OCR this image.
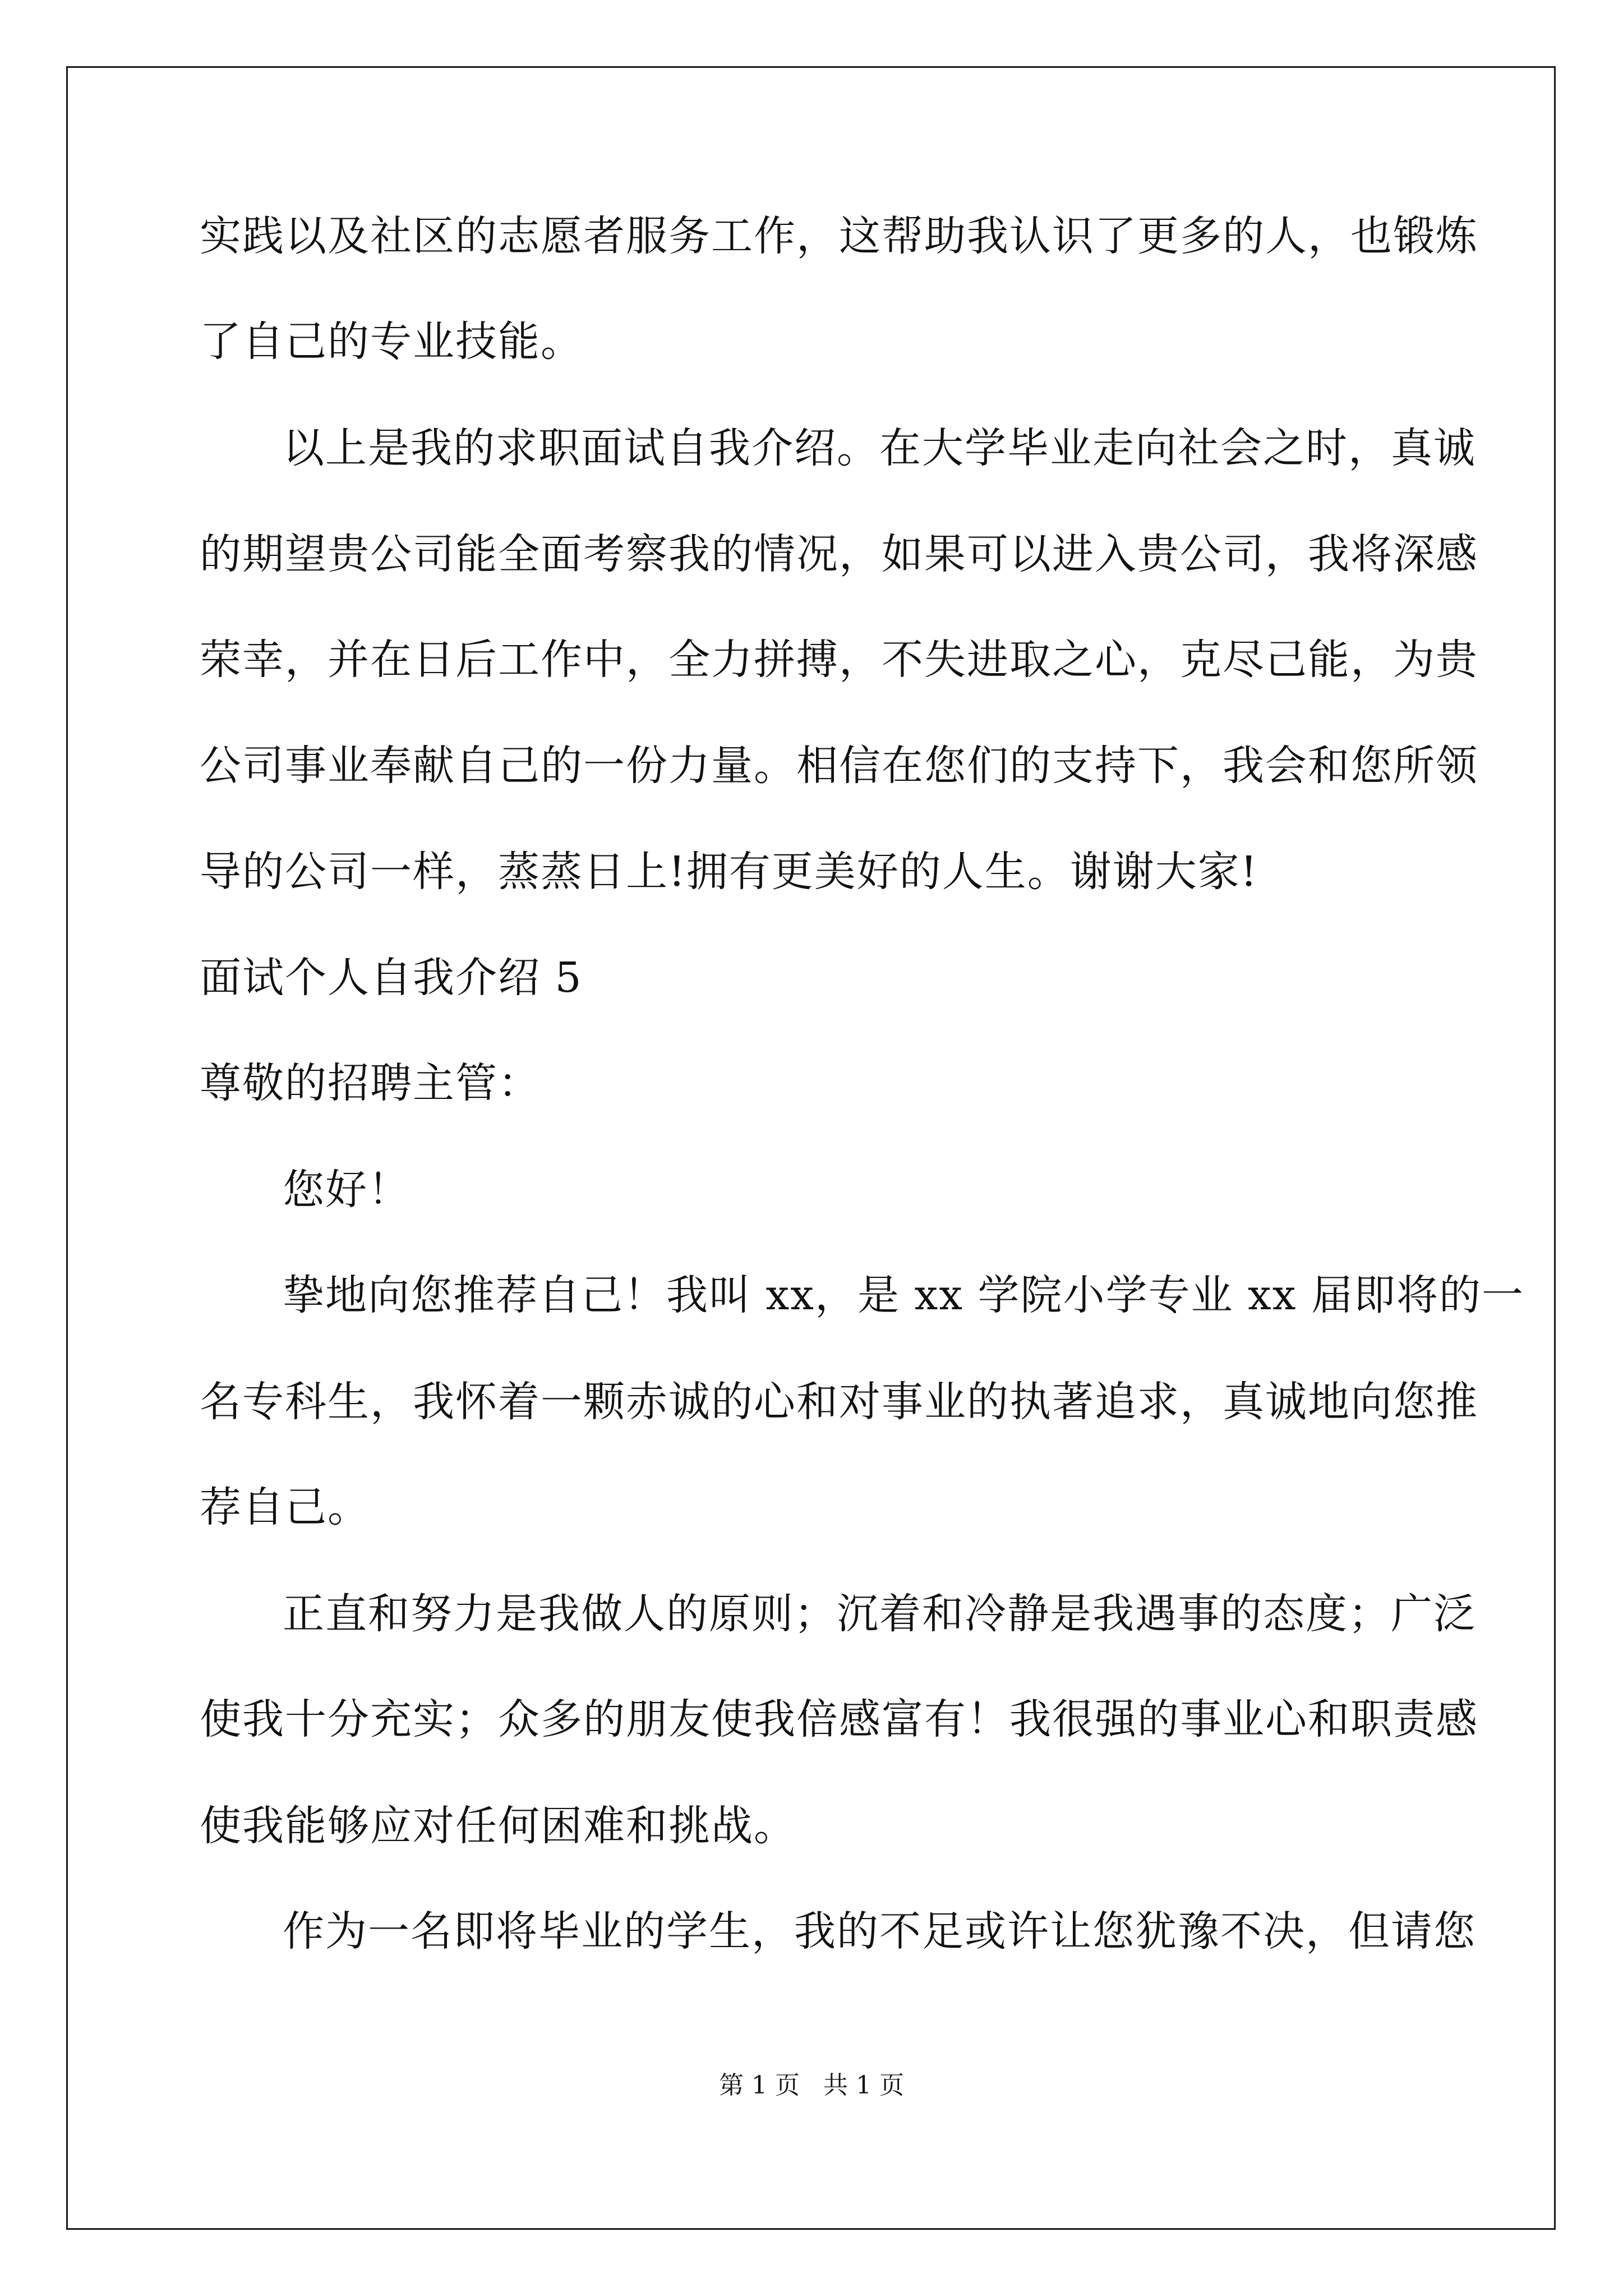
实践以及社区的志愿者服务工作，这帮助我认识了更多的人，也锻炼
了自己的专业技能。
以上是我的求职面试自我介绍。在大学毕业走向社会之时，真诚
的期望贵公司能全面考察我的情况，如果可以进入贵公司，我将深感
荣幸，并在日后工作中，全力拼搏，不失进取之心，克尽己能，为贵
公司事业奉献自己的一份力量。相信在您们的支持下，我会和您所领
导的公司一样，蒸蒸日上!拥有更美好的人生。谢谢大家!
面试个人自我介绍 5
尊敬的招聘主管：
您好！
挚地向您推荐自己！我叫 xx，是 xx 学院小学专业 xx 届即将的一
名专科生，我怀着一颗赤诚的心和对事业的执著追求，真诚地向您推
荐自己。
正直和努力是我做人的原则；沉着和冷静是我遇事的态度；广泛
使我十分充实；众多的朋友使我倍感富有！我很强的事业心和职责感
使我能够应对任何困难和挑战。
作为一名即将毕业的学生，我的不足或许让您犹豫不决，但请您
第 1 页   共 1 页
